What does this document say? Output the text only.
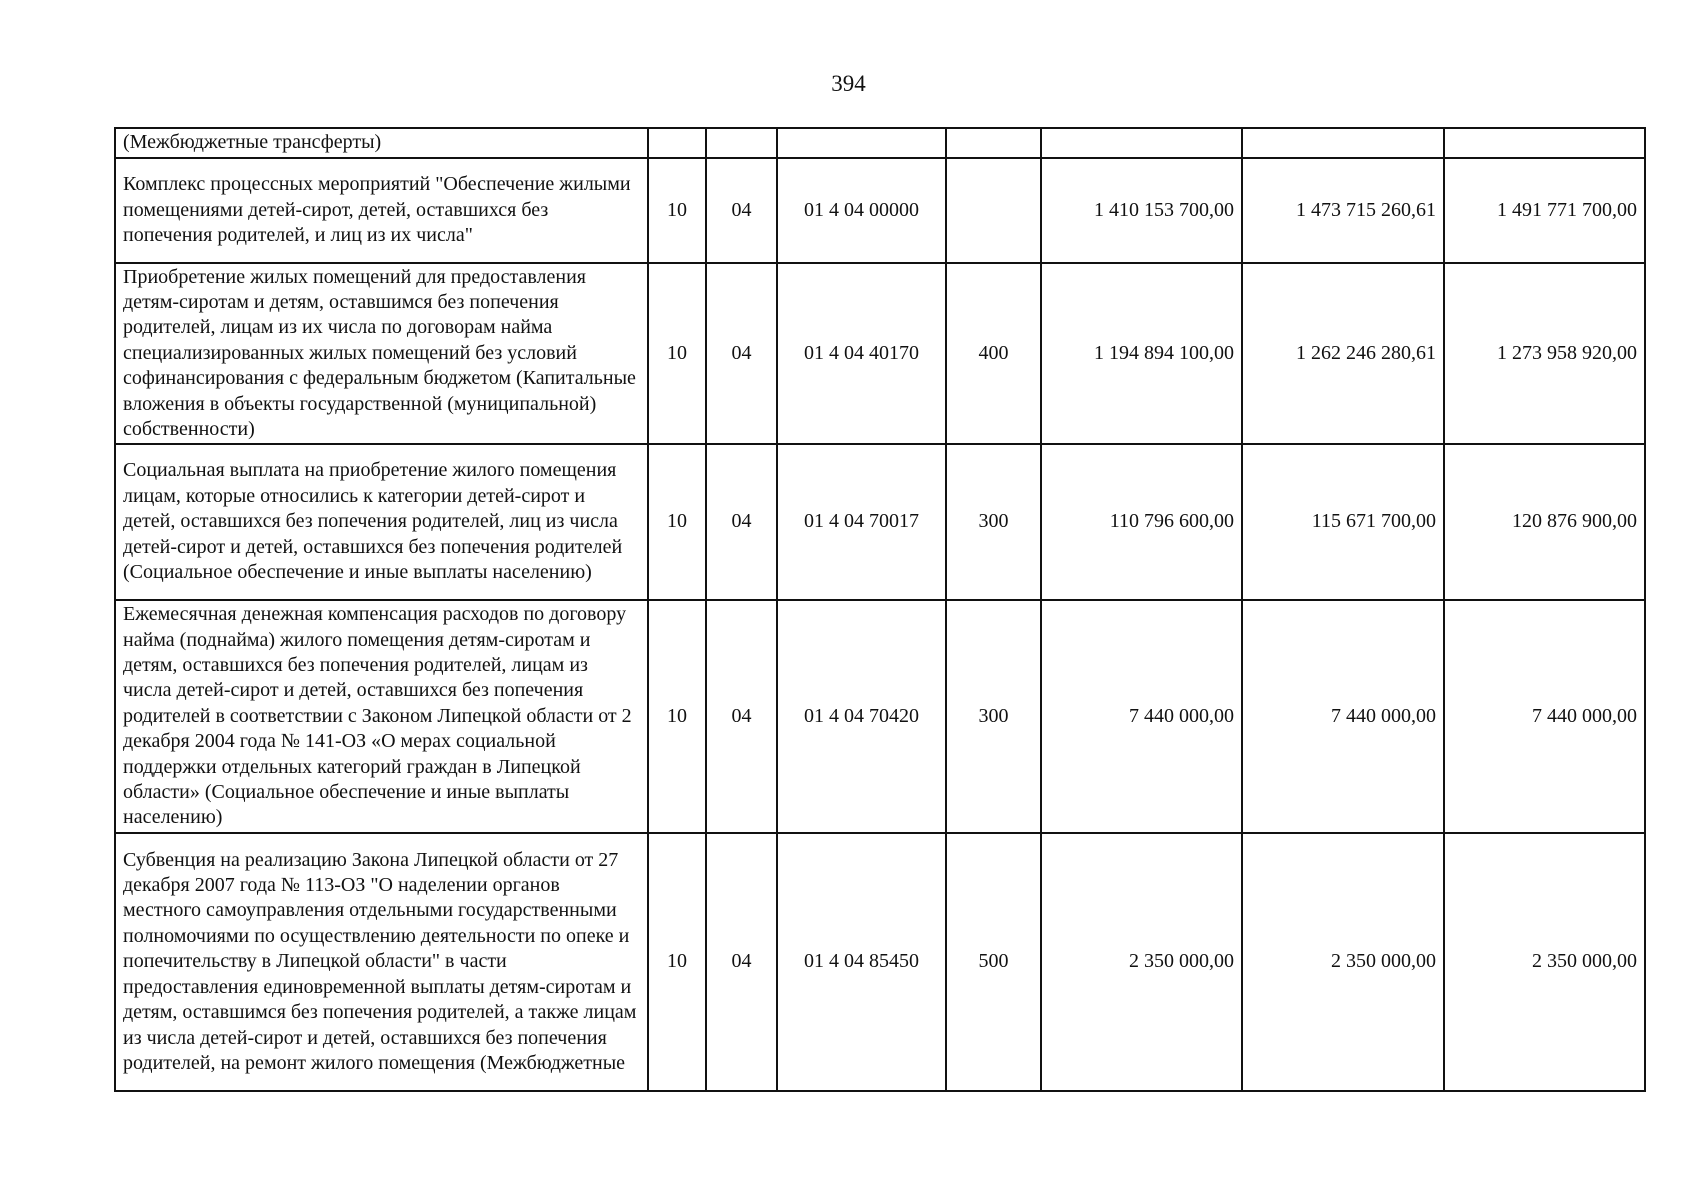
394
(Межбюджетные трансферты)							
Комплекс процессных мероприятий "Обеспечение жилыми помещениями детей-сирот, детей, оставшихся без попечения родителей, и лиц из их числа"	10	04	01 4 04 00000		1 410 153 700,00	1 473 715 260,61	1 491 771 700,00
Приобретение жилых помещений для предоставления детям-сиротам и детям, оставшимся без попечения родителей, лицам из их числа по договорам найма специализированных жилых помещений без условий софинансирования с федеральным бюджетом (Капитальные вложения в объекты государственной (муниципальной) собственности)	10	04	01 4 04 40170	400	1 194 894 100,00	1 262 246 280,61	1 273 958 920,00
Социальная выплата на приобретение жилого помещения лицам, которые относились к категории детей-сирот и детей, оставшихся без попечения родителей, лиц из числа детей-сирот и детей, оставшихся без попечения родителей (Социальное обеспечение и иные выплаты населению)	10	04	01 4 04 70017	300	110 796 600,00	115 671 700,00	120 876 900,00
Ежемесячная денежная компенсация расходов по договору найма (поднайма) жилого помещения детям-сиротам и детям, оставшихся без попечения родителей, лицам из числа детей-сирот и детей, оставшихся без попечения родителей в соответствии с Законом Липецкой области от 2 декабря 2004 года № 141-ОЗ «О мерах социальной поддержки отдельных категорий граждан в Липецкой области» (Социальное обеспечение и иные выплаты населению)	10	04	01 4 04 70420	300	7 440 000,00	7 440 000,00	7 440 000,00
Субвенция на реализацию Закона Липецкой области от 27 декабря 2007 года № 113-ОЗ "О наделении органов местного самоуправления отдельными государственными полномочиями по осуществлению деятельности по опеке и попечительству в Липецкой области" в части предоставления единовременной выплаты детям-сиротам и детям, оставшимся без попечения родителей, а также лицам из числа детей-сирот и детей, оставшихся без попечения родителей, на ремонт жилого помещения (Межбюджетные	10	04	01 4 04 85450	500	2 350 000,00	2 350 000,00	2 350 000,00
